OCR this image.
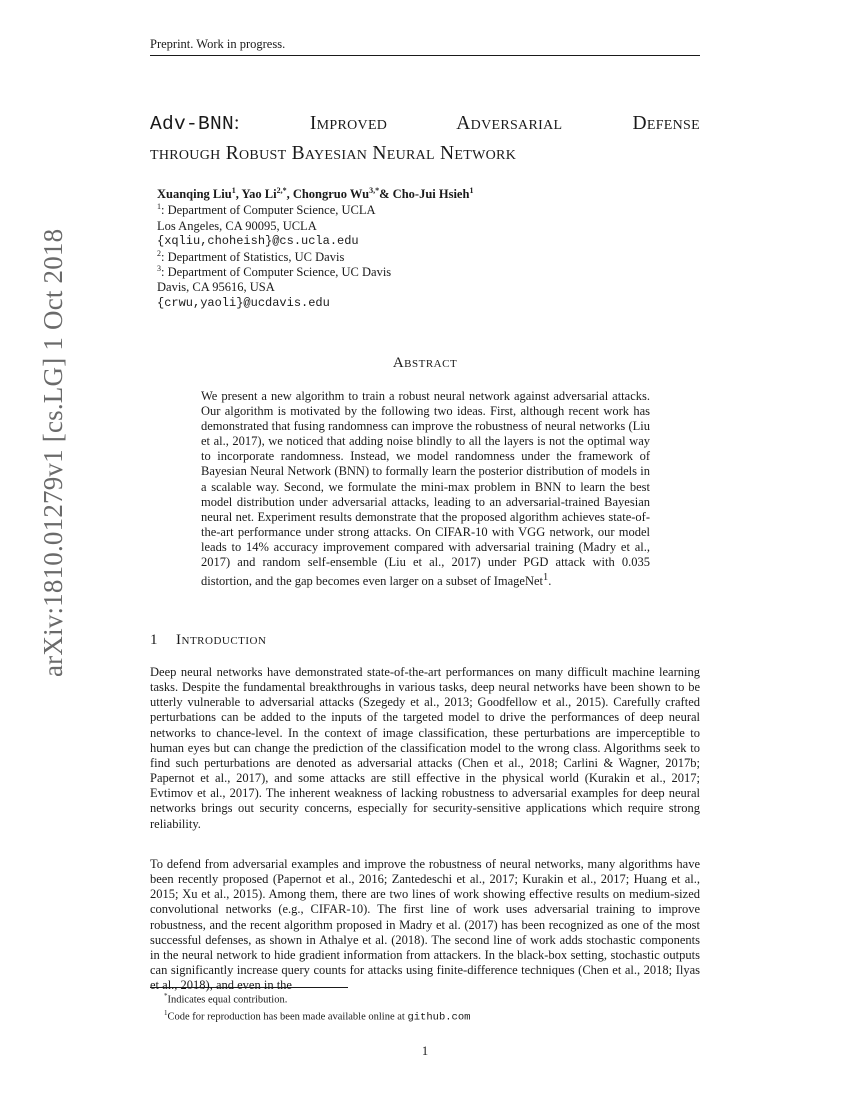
Preprint. Work in progress.
Adv-BNN: Improved Adversarial Defense
through Robust Bayesian Neural Network
Xuanqing Liu$^1$, Yao $Li^{2,*}$, Chongruo $Wu^{3,*}\&$ Cho-Jui Hsieh$^1$
$^1$: Department of Computer Science, UCLA
Los Angeles, CA 90095, UCLA
{xqliu,choheish}@cs.ucla.edu
$^2$: Department of Statistics, UC Davis
$^3$: Department of Computer Science, UC Davis
Davis, CA 95616, USA
{crwu,yaoli}@ucdavis.edu
Abstract
We present a new algorithm to train a robust neural network against adversarial attacks. Our algorithm is motivated by the following two ideas. First, although recent work has demonstrated that fusing randomness can improve the robustness of neural networks (Liu et al., 2017), we noticed that adding noise blindly to all the layers is not the optimal way to incorporate randomness. Instead, we model randomness under the framework of Bayesian Neural Network (BNN) to formally learn the posterior distribution of models in a scalable way. Second, we formulate the mini-max problem in BNN to learn the best model distribution under adversarial attacks, leading to an adversarial-trained Bayesian neural net. Experiment results demonstrate that the proposed algorithm achieves state-of-the-art performance under strong attacks. On CIFAR-10 with VGG network, our model leads to 14% accuracy improvement compared with adversarial training (Madry et al., 2017) and random self-ensemble (Liu et al., 2017) under PGD attack with 0.035 distortion, and the gap becomes even larger on a subset of ImageNet$^1$.
1 Introduction
Deep neural networks have demonstrated state-of-the-art performances on many difficult machine learning tasks. Despite the fundamental breakthroughs in various tasks, deep neural networks have been shown to be utterly vulnerable to adversarial attacks (Szegedy et al., 2013; Goodfellow et al., 2015). Carefully crafted perturbations can be added to the inputs of the targeted model to drive the performances of deep neural networks to chance-level. In the context of image classification, these perturbations are imperceptible to human eyes but can change the prediction of the classification model to the wrong class. Algorithms seek to find such perturbations are denoted as adversarial attacks (Chen et al., 2018; Carlini & Wagner, 2017b; Papernot et al., 2017), and some attacks are still effective in the physical world (Kurakin et al., 2017; Evtimov et al., 2017). The inherent weakness of lacking robustness to adversarial examples for deep neural networks brings out security concerns, especially for security-sensitive applications which require strong reliability.
To defend from adversarial examples and improve the robustness of neural networks, many algorithms have been recently proposed (Papernot et al., 2016; Zantedeschi et al., 2017; Kurakin et al., 2017; Huang et al., 2015; Xu et al., 2015). Among them, there are two lines of work showing effective results on medium-sized convolutional networks (e.g., CIFAR-10). The first line of work uses adversarial training to improve robustness, and the recent algorithm proposed in Madry et al. (2017) has been recognized as one of the most successful defenses, as shown in Athalye et al. (2018). The second line of work adds stochastic components in the neural network to hide gradient information from attackers. In the black-box setting, stochastic outputs can significantly increase query counts for attacks using finite-difference techniques (Chen et al., 2018; Ilyas et al., 2018), and even in the
*Indicates equal contribution.
$^1$Code for reproduction has been made available online at github.com
1
arXiv:1810.01279v1 [cs.LG] 1 Oct 2018
